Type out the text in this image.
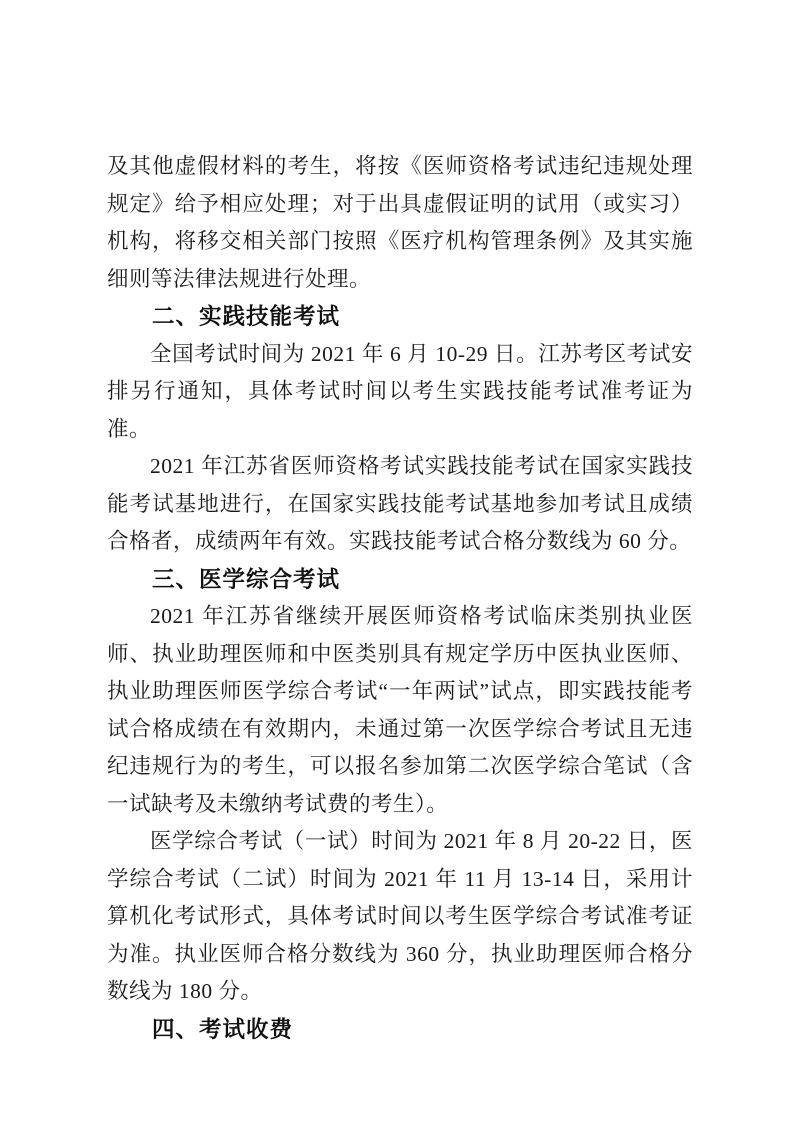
及其他虚假材料的考生，将按《医师资格考试违纪违规处理规定》给予相应处理；对于出具虚假证明的试用（或实习）机构，将移交相关部门按照《医疗机构管理条例》及其实施细则等法律法规进行处理。

二、实践技能考试

全国考试时间为 2021 年 6 月 10-29 日。江苏考区考试安排另行通知，具体考试时间以考生实践技能考试准考证为准。

2021 年江苏省医师资格考试实践技能考试在国家实践技能考试基地进行，在国家实践技能考试基地参加考试且成绩合格者，成绩两年有效。实践技能考试合格分数线为 60 分。

三、医学综合考试

2021 年江苏省继续开展医师资格考试临床类别执业医师、执业助理医师和中医类别具有规定学历中医执业医师、执业助理医师医学综合考试“一年两试”试点，即实践技能考试合格成绩在有效期内，未通过第一次医学综合考试且无违纪违规行为的考生，可以报名参加第二次医学综合笔试（含一试缺考及未缴纳考试费的考生）。

医学综合考试（一试）时间为 2021 年 8 月 20-22 日，医学综合考试（二试）时间为 2021 年 11 月 13-14 日，采用计算机化考试形式，具体考试时间以考生医学综合考试准考证为准。执业医师合格分数线为 360 分，执业助理医师合格分数线为 180 分。

四、考试收费
